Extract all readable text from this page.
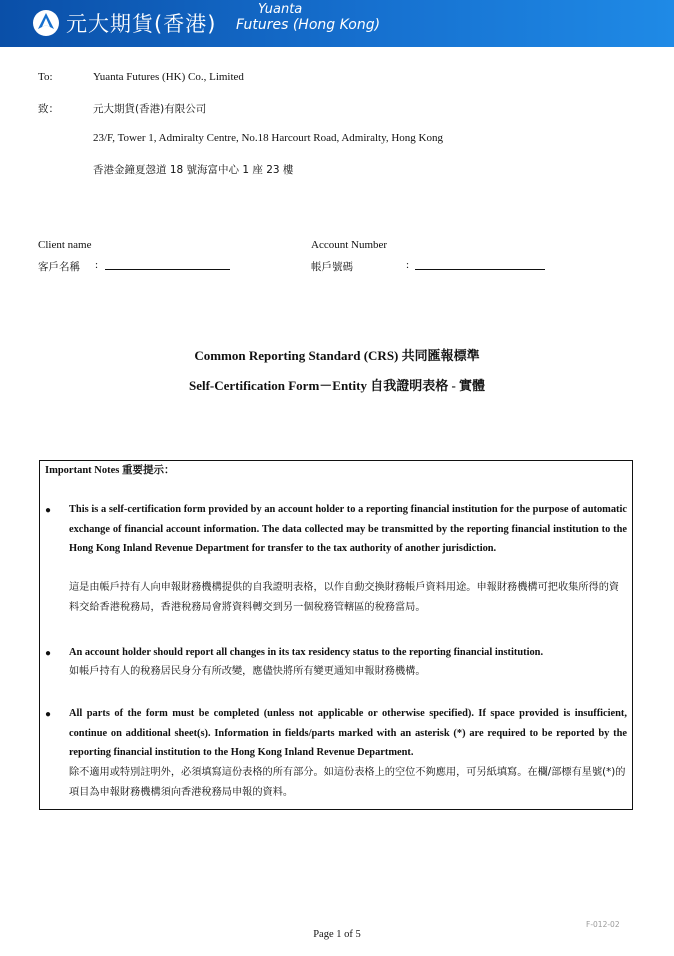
元大期貨(香港)
Yuanta
Futures (Hong Kong)
To:	Yuanta Futures (HK) Co., Limited
致：	元大期貨(香港)有限公司
23/F, Tower 1, Admiralty Centre, No.18 Harcourt Road, Admiralty, Hong Kong
香港金鐘夏愨道 18 號海富中心 1 座 23 樓
Client name
客戶名稱 :
Account Number
帳戶號碼	:
Common Reporting Standard (CRS) 共同匯報標準
Self-Certification Form－Entity 自我證明表格 - 實體
Important Notes 重要提示：
● This is a self-certification form provided by an account holder to a reporting financial institution for the purpose of automatic exchange of financial account information. The data collected may be transmitted by the reporting financial institution to the Hong Kong Inland Revenue Department for transfer to the tax authority of another jurisdiction.
這是由帳戶持有人向申報財務機構提供的自我證明表格，以作自動交換財務帳戶資料用途。申報財務機構可把收集所得的資料交給香港稅務局，香港稅務局會將資料轉交到另一個稅務管轄區的稅務當局。
● An account holder should report all changes in its tax residency status to the reporting financial institution.
如帳戶持有人的稅務居民身分有所改變，應儘快將所有變更通知申報財務機構。
● All parts of the form must be completed (unless not applicable or otherwise specified). If space provided is insufficient, continue on additional sheet(s). Information in fields/parts marked with an asterisk (*) are required to be reported by the reporting financial institution to the Hong Kong Inland Revenue Department.
除不適用或特別註明外，必須填寫這份表格的所有部分。如這份表格上的空位不夠應用，可另紙填寫。在欄/部標有星號(*)的項目為申報財務機構須向香港稅務局申報的資料。
F-012-02
Page 1 of 5
